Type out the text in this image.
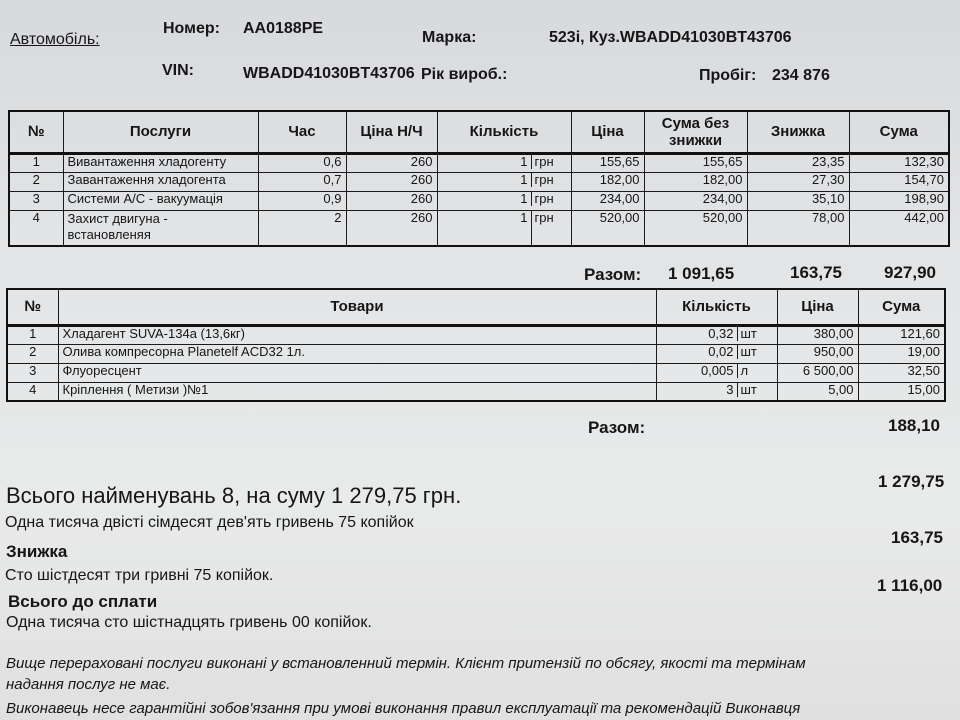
Автомобіль:
Номер: AA0188PE
Марка:	523i, Куз.WBADD41030BT43706
VIN:	WBADD41030BT43706 Рік вироб.:	Пробіг: 234 876
№	Послуги	Час	Ціна Н/Ч	Кількість	Ціна	Сума без знижки	Знижка	Сума
1	Вивантаження хладогенту	0,6	260	1 грн	155,65	155,65	23,35	132,30
2	Завантаження хладогента	0,7	260	1 грн	182,00	182,00	27,30	154,70
3	Системи А/С - вакуумація	0,9	260	1 грн	234,00	234,00	35,10	198,90
4	Захист двигуна - встановленяя	2	260	1 грн	520,00	520,00	78,00	442,00
Разом: 1 091,65	163,75 927,90
№	Товари	Кількість	Ціна	Сума
1	Хладагент SUVA-134a (13,6кг)	0,32 шт	380,00	121,60
2	Олива компресорна Planetelf ACD32 1л.	0,02 шт	950,00	19,00
3	Флуоресцент	0,005 л	6 500,00	32,50
4	Кріплення ( Метизи )№1	3 шт	5,00	15,00
Разом:	188,10
Всього найменувань 8, на суму 1 279,75 грн.
1 279,75
Одна тисяча двісті сімдесят дев'ять гривень 75 копійок
Знижка
163,75
Сто шістдесят три гривні 75 копійок.
Всього до сплати
1 116,00
Одна тисяча сто шістнадцять гривень 00 копійок.
Вище перераховані послуги виконані у встановленний термін. Клієнт притензій по обсягу, якості та термінам
надання послуг не має.
Виконавець несе гарантійні зобов'язання при умові виконання правил експлуатації та рекомендацій Виконавця
